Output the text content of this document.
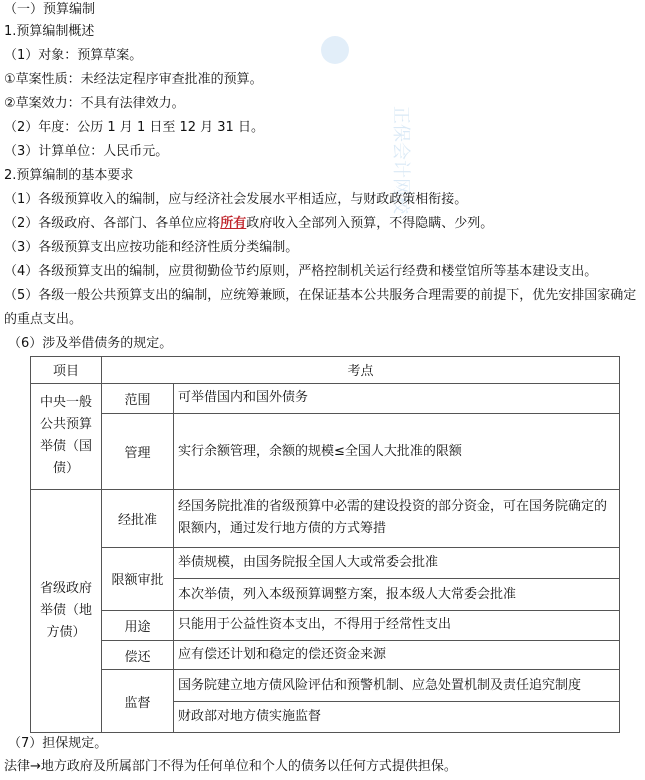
正保会计网校
（一）预算编制
1.预算编制概述
（1）对象：预算草案。
①草案性质：未经法定程序审查批准的预算。
②草案效力：不具有法律效力。
（2）年度：公历 1 月 1 日至 12 月 31 日。
（3）计算单位：人民币元。
2.预算编制的基本要求
（1）各级预算收入的编制，应与经济社会发展水平相适应，与财政政策相衔接。
（2）各级政府、各部门、各单位应将所有政府收入全部列入预算，不得隐瞒、少列。
（3）各级预算支出应按功能和经济性质分类编制。
（4）各级预算支出的编制，应贯彻勤俭节约原则，严格控制机关运行经费和楼堂馆所等基本建设支出。
（5）各级一般公共预算支出的编制，应统筹兼顾，在保证基本公共服务合理需要的前提下，优先安排国家确定的重点支出。
（6）涉及举借债务的规定。
项目	考点	
中央一般公共预算举债（国债）	范围	可举借国内和国外债务
	管理	实行余额管理，余额的规模≤全国人大批准的限额
省级政府举债（地方债）	经批准	经国务院批准的省级预算中必需的建设投资的部分资金，可在国务院确定的限额内，通过发行地方债的方式筹措
	限额审批	举债规模，由国务院报全国人大或常委会批准
		本次举债，列入本级预算调整方案，报本级人大常委会批准
	用途	只能用于公益性资本支出，不得用于经常性支出
	偿还	应有偿还计划和稳定的偿还资金来源
	监督	国务院建立地方债风险评估和预警机制、应急处置机制及责任追究制度
		财政部对地方债实施监督
（7）担保规定。
法律→地方政府及所属部门不得为任何单位和个人的债务以任何方式提供担保。
